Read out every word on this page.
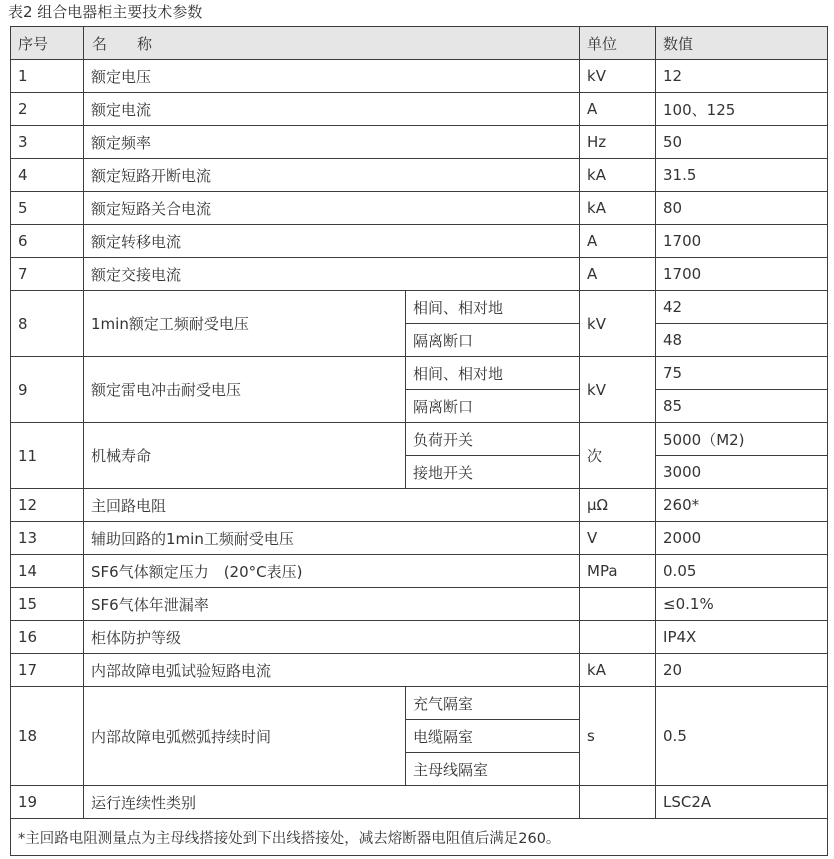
表2 组合电器柜主要技术参数
序号	名　　称		单位	数值
1	额定电压		kV	12
2	额定电流		A	100、125
3	额定频率		Hz	50
4	额定短路开断电流		kA	31.5
5	额定短路关合电流		kA	80
6	额定转移电流		A	1700
7	额定交接电流		A	1700
8	1min额定工频耐受电压	相间、相对地	kV	42
		隔离断口		48
9	额定雷电冲击耐受电压	相间、相对地	kV	75
		隔离断口		85
11	机械寿命	负荷开关	次	5000（M2)
		接地开关		3000
12	主回路电阻		μΩ	260*
13	辅助回路的1min工频耐受电压		V	2000
14	SF6气体额定压力　(20°C表压)		MPa	0.05
15	SF6气体年泄漏率			≤0.1%
16	柜体防护等级			IP4X
17	内部故障电弧试验短路电流		kA	20
18	内部故障电弧燃弧持续时间	充气隔室	s	0.5
		电缆隔室		
		主母线隔室		
19	运行连续性类别			LSC2A
*主回路电阻测量点为主母线搭接处到下出线搭接处，减去熔断器电阻值后满足260。				
